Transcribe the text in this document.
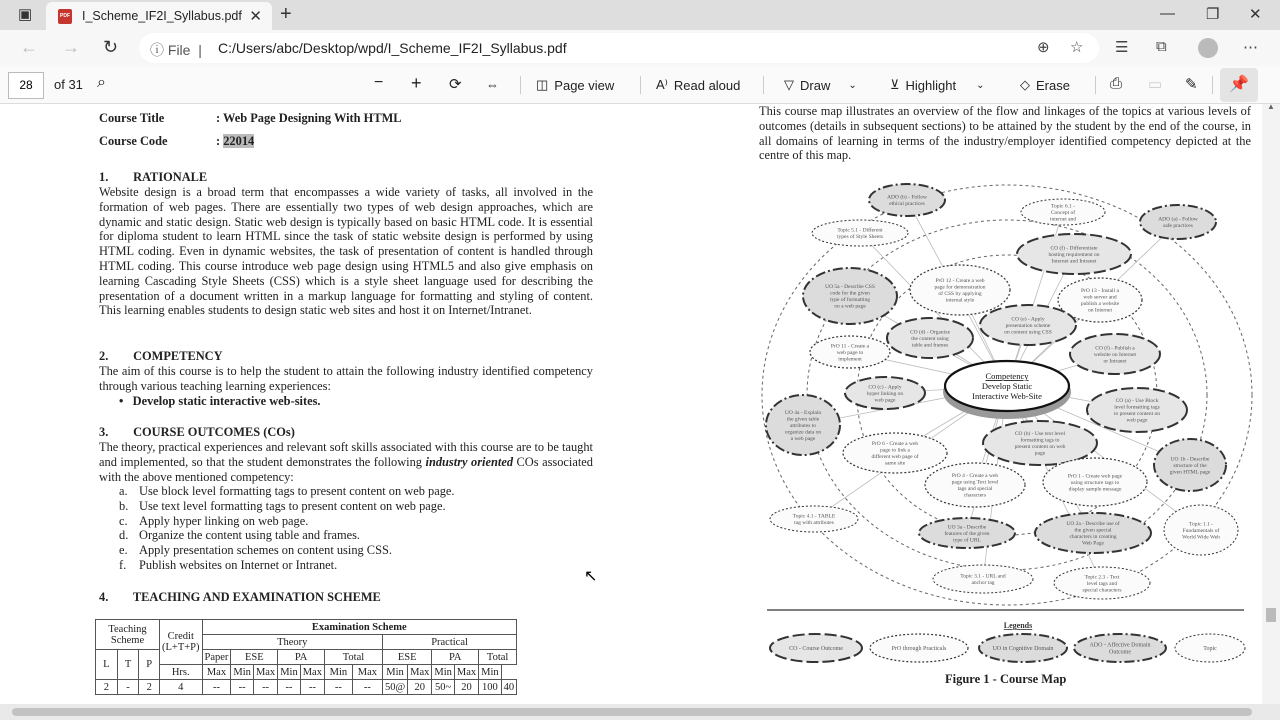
▣	PDF I_Scheme_IF2I_Syllabus.pdf ✕ +	— ❐ ✕
← → ↻ ⓘ File  | C:/Users/abc/Desktop/wpd/I_Scheme_IF2I_Syllabus.pdf	⊕ ☆ ☰ ⧉	⋯
of 31 ⌕	− + ⟳ ⇔	◫ Page view	A⁾ Read aloud	▽ Draw ⌄	⊻ Highlight ⌄	◇ Erase	⎙ ▭ ✎
28	📌
Course Title	: Web Page Designing With HTML
Course Code	: 22014
1.        RATIONALE
Website design is a broad term that encompasses a wide variety of tasks, all involved in the formation of web pages. There are essentially two types of web design approaches, which are dynamic and static design. Static web design is typically based on basic HTML code. It is essential for diploma student to learn HTML since the task of static website design is performed by using HTML coding. Even in dynamic websites, the task of presentation of content is handled through HTML coding. This course introduce web page design using HTML5 and also give emphasis on learning Cascading Style Sheets (CSS) which is a style sheet language used for describing the presentation of a document written in a markup language for formatting and styling of content. This learning enables students to design static web sites and host it on Internet/Intranet.
2.        COMPETENCY
The aim of this course is to help the student to attain the following industry identified competency through various teaching learning experiences:
•   Develop static interactive web-sites.
3.        COURSE OUTCOMES (COs)
The theory, practical experiences and relevant soft skills associated with this course are to be taught and implemented, so that the student demonstrates the following industry oriented COs associated with the above mentioned competency:
a. Use block level formatting tags to present content on web page.
b. Use text level formatting tags to present content on web page.
c. Apply hyper linking on web page.
d. Organize the content using table and frames.
e. Apply presentation schemes on content using CSS.
f. Publish websites on Internet or Intranet.
4.        TEACHING AND EXAMINATION SCHEME
Teaching Scheme			Credit (L+T+P)	Examination Scheme												
				Theory							Practical					
L	T	P		Paper	ESE		PA		Total		ESE		PA		Total	
			Hrs.	Max	Min	Max	Min	Max	Min	Max	Min	Max	Min	Max	Min	
2	-	2	4	--	--	--	--	--	--	--	50@	20	50~	20	100	40
This course map illustrates an overview of the flow and linkages of the topics at various levels of outcomes (details in subsequent sections) to be attained by the student by the end of the course, in all domains of learning in terms of the industry/employer identified competency depicted at the centre of this map.
ADO (b) - Follow
ethical practices	Topic 6.1 -
Concept of
internet and	ADO (a) - Follow
safe practices
Topic 5.1 - Different
types of Style Sheets
CO (f) - Differentiate
hosting requirement on
Internet and Intranet
UO 5a - Describe CSS
code for the given
type of formatting
on a web page
PrO 12 - Create a web
page for demonstration
of CSS by applying
internal style
PrO 13 - Install a
web server and
publish a website
on Internet
CO (e) - Apply
presentation scheme
on content using CSS
CO (d) - Organize
the content using
table and frames
PrO 11 - Create a
web page to
implement
CO (f) - Publish a
website on Internet
or Intranet
CO (c) - Apply
hyper linking on
web page
UO 4a - Explain
the given table
attributes to
organize data on
a web page
CO (a) - Use Block
level formatting tags
to present content on
web page
CO (b) - Use text level
formatting tags to
present content on web
page
PrO 6 - Create a web
page to link a
different web page of
same site
UO 1b - Describe
structure of the
given HTML page
PrO 4 - Create a web
page using Text level
tags and special
characters
PrO 1 - Create web page
using structure tags to
display sample message
Topic 4.1 - TABLE
tag with attributes
UO 3a - Describe
features of the given
type of URL
UO 2a - Describe use of
the given special
characters in creating
Web Page
Topic 1.1 -
Fundamentals of
World Wide Web
Topic 3.1 - URL and
anchor tag
Topic 2.3 - Text
level tags and
special characters
Competency
Develop Static
Interactive Web-Site
Legends
CO - Course Outcome	PrO through Practicals	UO in Cognitive Domain
ADO - Affective Domain
Outcome
Topic
Figure 1 - Course Map
▲
↖
